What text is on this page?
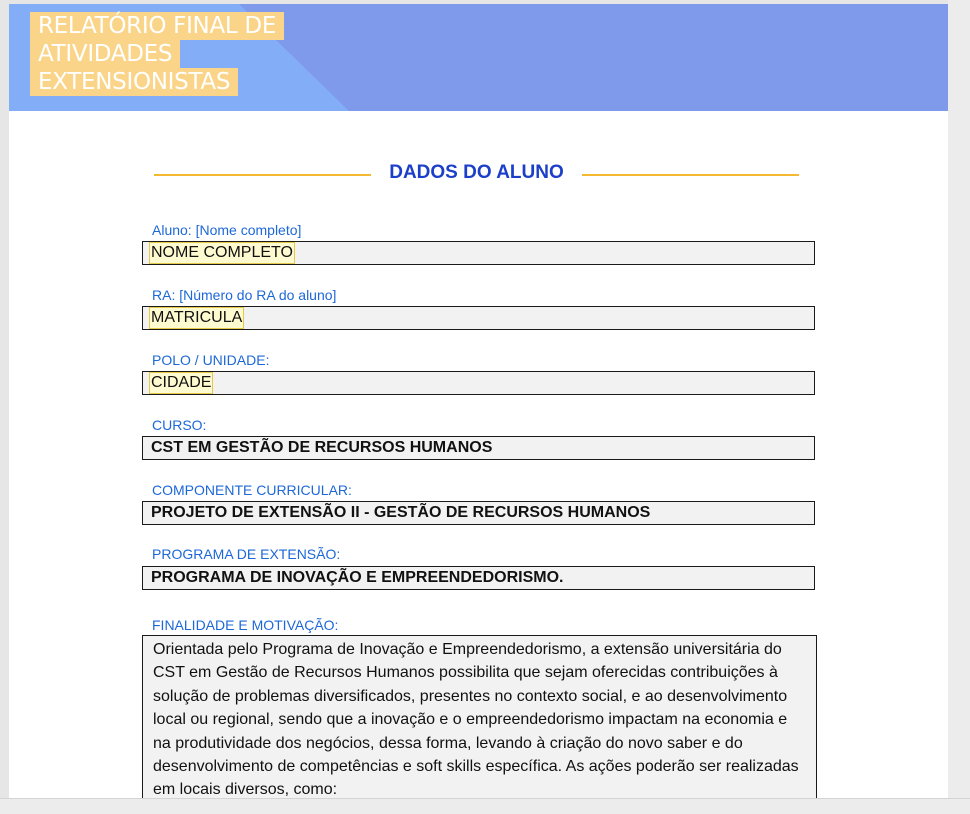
RELATÓRIO FINAL DE
ATIVIDADES
EXTENSIONISTAS
DADOS DO ALUNO
Aluno: [Nome completo]
NOME COMPLETO
RA: [Número do RA do aluno]
MATRICULA
POLO / UNIDADE:
CIDADE
CURSO:
CST EM GESTÃO DE RECURSOS HUMANOS
COMPONENTE CURRICULAR:
PROJETO DE EXTENSÃO II - GESTÃO DE RECURSOS HUMANOS
PROGRAMA DE EXTENSÃO:
PROGRAMA DE INOVAÇÃO E EMPREENDEDORISMO.
FINALIDADE E MOTIVAÇÃO:

Orientada pelo Programa de Inovação e Empreendedorismo, a extensão universitária do CST em Gestão de Recursos Humanos possibilita que sejam oferecidas contribuições à solução de problemas diversificados, presentes no contexto social, e ao desenvolvimento local ou regional, sendo que a inovação e o empreendedorismo impactam na economia e na produtividade dos negócios, dessa forma, levando à criação do novo saber e do desenvolvimento de competências e soft skills específica. As ações poderão ser realizadas em locais diversos, como:
